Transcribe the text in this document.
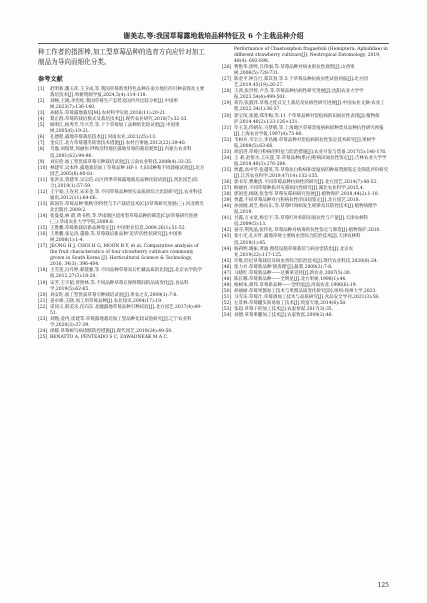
谢美志,等:我国草莓露地栽培品种特征及 6 个主栽品种介绍

种工作者的指挥棒,加工型草莓品种的选育方向应针对加工制品为导向而细化分类。

参考文献
[1]	赵明新,魏玉萍,王卫成,等.我国草莓新优特色品种在南方地区的引种表现及主要栽培技术[J].果树资源学报,2024,5(4):114-118.
[2]	刘畅,王晓,李宪松.我国草莓生产态势及国内外比较分析[J].中国果树,2023(7):136-140.
[3]	孙晓东.草莓露地栽培[M].农村科学实验,2016(11):20-21.
[4]	黎正群.草莓的栽培模式及栽培技术[J].现代农业研究,2018(7):32-33.
[5]	杨明江,杨秀芳,毕兴芳,等.十个草莓加工品种的比较试验[J].中国果树,2005(6):19-21.
[6]	孔德程.露地草莓栽培技术[J].河南农业,2021(25):13.
[7]	金庆江.北方草莓越冬防寒技术措施[J].农村百事通,2012(22):39-40.
[8]	乌逸,刘瑞贤,周丽恒.呼和浩特地区露地草莓的栽培观察[J].内蒙古农业科技,2001(S2):94-96.
[9]	刘庆伦.加工型优质草莓引种栽培试验[J].云南农业科技,2008(4):33-35.
[10] 林建军,吴本怀.露地栽培加工草莓品种 HF-1 大田试种和不同栽植试验[J].北方园艺,2005(6):80-81.
[11] 张洪乐,曾建华,吴宗信.山区四季草莓露地栽培品种比较试验[J].西北园艺(综合),2019(1):57-59.
[12] 王宇韬,王连君,宋来金,等.不同草莓品种果实品质的综合比较研究[J].农业科技通讯,2012(11):64-66.
[13] 陈国芬.草莓品种'燕秋'的特性与丰产栽培技术[C]//草莓研究进展(三).河北明光北出版社,2009:2.
[14] 张曼曼,林 蔚,黄书智,等.华南地区适用型草莓品种的筛选[C]//草莓研究进展(三).华南农业大学学院,2009:8.
[15] 王胜鹏.草莓新栽培新品种鉴定[J].中国果业信息,2009,26(1):51-52.
[16] 王胜鹏,张运涛,董静,等.草莓栽培新品种'美华'的性状研究[J].中国果树,2008(1):1-4.
[17] JEONG H J, CHOI H G, MOON B Y, et al. Comparative analysis of the fruit characteristics of four strawberry cultivars commonly grown in South Korea [J]. Horticultural Science & Technology, 2016, 34(3): 396-404.
[18] 王雪莲,冯丹婷,郝建强,等.不同品种草莓采后贮藏品质的比较[J].北京农学院学报,2012,27(3):18-20.
[19] 宋芳,王宇韬,曾照林,等.不同品种草莓在保鲜期间的品质变化[J].食品科学,2019(5):62-65.
[20] 刘安旺.加工型优质草莓引种栽培试验[J].果农之友,2009(1):7-8.
[21] 姜卓俊,王晓.加工用草莓品种[J].农业知识,2004(17):19.
[22] 雷同义,韩美乐,任向东.北疆露地草莓品种引种试验[J].北方园艺,2017(4):49-51.
[23] 刘甄,姜冉,崔建等.草莓露地栽培加工型品种比较试验研究[J].辽宁农业科学,2020(3):37-39.
[24] 徐暖.草莓树鸟病诊断防控措施[J].现代园艺,2019(24):49-50.
[25] BENATTO A, PENTEADO S C, ZAWADNEAK M A C.
Performance of Chaetosiphon fragaefolii (Hemiptera: Aphididae) in different strawberry cultivars[J]. Neotropical Entomology, 2019, 48(4): 692-698.
[26] 曹艳华,唐鸣,吕伟丽,等.草莓品种对病虫的抗性观察[J].山西果树,2006(5):728-731.
[27] 陈金平,钟自行,郑其春,等.5 个草莓品种抗病虫性试验初报[J].北方园艺,2019,45(19):26-27.
[28] 王鸿,张世智,卢杰,等.草莓品种抗病性研究进展[J].沈阳农业大学学报,2023,54(4):499-501.
[29] 蒋肖,张淑萍.草莓之桂式无土栽培及抗病性研究进展[J].中国农业文摘-农业工程,2022,34(1):36-37.
[30] 郭宝凤,张德,郑冬梅,等.11 个草莓品种对炭疽病的田间抗性表现[J].植物保护,2014,40(2):123-126+131.
[31] 毕玉美,侍朝东,马梦鹤,等.上海地区草莓炭疽病病原种类及品种抗性研究初报[J].上海农业学报,1997(4):75-80.
[32] 韦树兵,韦宗立,李昌刚.草莓品种对炭疽病的抗性鉴定技术研究[J].果树学报,2008(5):63-66.
[33] 胡滔进.草莓白粉病的特征与防治措施[J].农业开发与装备,2017(5):146-176.
[34] 王 莉,赵密水,王庆莲,等.草莓品种(系)白粉病田间抗性鉴定[J].吉林农业大学学报,2018,40(3):276-284.
[35] 贾鑫,高中华,张越英,等.草莓抗白粉病和炭疽病的种质资源鉴定及筛选评价研究[J].江苏农业科学,2019,47(14):132-135.
[36] 郭书军,曹聚清.不同草莓品种抗病性的研究[J].北方园艺,2014(7):48-52.
[37] 顾丽君.不同草莓种质对灰霉病抗性研究[J].湖北农业科学,2015,4.
[38] 郭国堂,杨晓,张金琴.草莓灰霉病研究进展[J].植物保护,2018,44(2):1-10.
[39] 贾鑫.不同草莓品种对白粉病抗性的田间鉴定[J].北方园艺,2018.
[40] 孙国刚,刘芝,杨向东,等.草莓叶斑病发生规律及其防控技术[J].植物病理学报,2019.
[41] 甘露,万永宽,杨宏宇,等.草莓红叶病的田间抗性与产量[J].天津农林科技,2009(5):13.
[42] 晏芬,荆兆晶,张传礼.草莓品种对病毒的抗性鉴定与筛选[J].植物保护,2010.
[43] 张小光,孔庆叶.露地草莓主要病虫害综合防治技术[J].天津农林科技,2019(1):45.
[44] 杨莉明,谢振,黄渝.围绕设施草莓栽培与病虫害防治[J].北京农业,2019(22):117-125.
[45] 许维,哈尼草莓栽培及病虫害综合防治技术[J].现代农业科技,2020(8):24.
[46] 张力兵.草莓新品种'甜查理'[J].蔬菜,2009(2):7-8.
[47] 马晓红.草莓新品种——达赛莱克特[J].新农业,2007(5):30.
[48] 陈长娜.草莓新品种——全明星[J].北方果树,1998(1):44.
[49] 杨树本,胡伟.草莓新品种——全明星[J].河南农业,1996(6):19.
[50] 胡丽丽.草莓果酱加工技术与果酱品质变化研究[D].扬州:扬州大学,2023.
[51] 马雪乐.草莓汁,草莓酒加工技术与品质研究[J].食品安全导刊,2021(3):58.
[52] 左景林.草莓罐头简易加工技术[J].致富天地,2014(6):58.
[53] 张超.草莓干的加工技术[J].农家参谋,2017(3):35.
[54] 刘德.草莓果脯加工技术[J].农家致富,2009(2):46.
125
